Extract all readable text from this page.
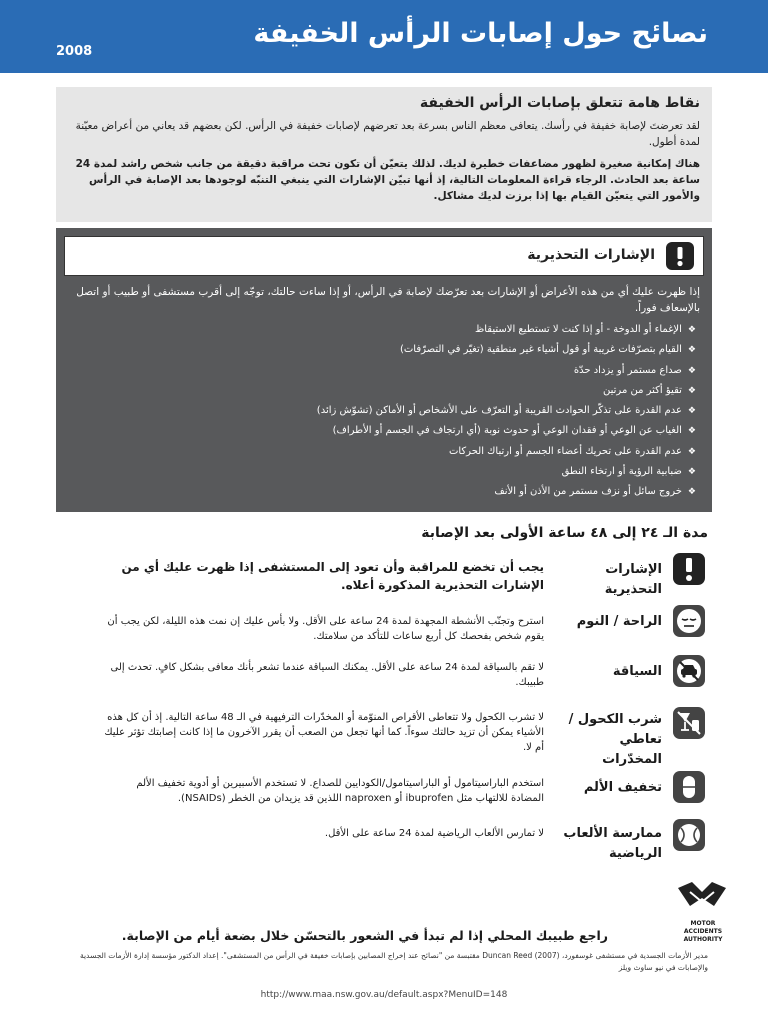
نصائح حول إصابات الرأس الخفيفة
2008
نقاط هامة تتعلق بإصابات الرأس الخفيفة

لقد تعرضتَ لإصابة خفيفة في رأسك. يتعافى معظم الناس بسرعة بعد تعرضهم لإصابات خفيفة في الرأس. لكن بعضهم قد يعاني من أعراض معيّنة لمدة أطول.

هناك إمكانية صغيرة لظهور مضاعفات خطيرة لديك. لذلك يتعيّن أن تكون تحت مراقبة دقيقة من جانب شخص راشد لمدة 24 ساعة بعد الحادث. الرجاء قراءة المعلومات التالية، إذ أنها تبيّن الإشارات التي ينبغي التنبّه لوجودها بعد الإصابة في الرأس والأمور التي يتعيّن القيام بها إذا برزت لديك مشاكل.

الإشارات التحذيرية
إذا ظهرت عليك أي من هذه الأعراض أو الإشارات بعد تعرّضك لإصابة في الرأس، أو إذا ساءت حالتك، توجّه إلى أقرب مستشفى أو طبيب أو اتصل بالإسعاف فوراً.
❖الإغماء أو الدوخة - أو إذا كنت لا تستطيع الاستيقاظ
❖القيام بتصرّفات غريبة أو قول أشياء غير منطقية (تغيّر في التصرّفات)
❖صداع مستمر أو يزداد حدّة
❖تقيؤ أكثر من مرتين
❖عدم القدرة على تذكّر الحوادث القريبة أو التعرّف على الأشخاص أو الأماكن (تشوّش زائد)
❖الغياب عن الوعي أو فقدان الوعي أو حدوث نوبة (أي ارتجاف في الجسم أو الأطراف)
❖عدم القدرة على تحريك أعضاء الجسم أو ارتباك الحركات
❖ضبابية الرؤية أو ارتخاء النطق
❖خروج سائل أو نزف مستمر من الأذن أو الأنف
مدة الـ ٢٤ إلى ٤٨ ساعة الأولى بعد الإصابة
الإشارات التحذيرية
يجب أن تخضع للمراقبة وأن تعود إلى المستشفى إذا ظهرت عليك أي من الإشارات التحذيرية المذكورة أعلاه.
الراحة / النوم
استرح وتجنّب الأنشطة المجهدة لمدة 24 ساعة على الأقل. ولا بأس عليك إن نمت هذه الليلة، لكن يجب أن يقوم شخص بفحصك كل أربع ساعات للتأكد من سلامتك.
السياقة
لا تقم بالسياقة لمدة 24 ساعة على الأقل. يمكنك السياقة عندما تشعر بأنك معافى بشكل كافٍ. تحدث إلى طبيبك.
شرب الكحول / تعاطي المخدّرات
لا تشرب الكحول ولا تتعاطى الأقراص المنوّمة أو المخدّرات الترفيهية في الـ 48 ساعة التالية. إذ أن كل هذه الأشياء يمكن أن تزيد حالتك سوءاً. كما أنها تجعل من الصعب أن يقرر الآخرون ما إذا كانت إصابتك تؤثر عليك أم لا.
تخفيف الألم
استخدم الباراسيتامول أو الباراسيتامول/الكودايين للصداع. لا تستخدم الأسبيرين أو أدوية تخفيف الألم المضادة للالتهاب مثل ibuprofen أو naproxen اللذين قد يزيدان من الخطر (NSAIDs).
ممارسة الألعاب الرياضية
لا تمارس الألعاب الرياضية لمدة 24 ساعة على الأقل.
MOTOR ACCIDENTS
AUTHORITY
راجع طبيبك المحلي إذا لم تبدأ في الشعور بالتحسّن خلال بضعة أيام من الإصابة.
مدير الأزمات الجسدية في مستشفى غوسفورد، Duncan Reed (2007) مقتبسة من "نصائح عند إخراج المصابين بإصابات خفيفة في الرأس من المستشفى". إعداد الدكتور مؤسسة إدارة الأزمات الجسدية والإصابات في نيو ساوث ويلز
http://www.maa.nsw.gov.au/default.aspx?MenuID=148
